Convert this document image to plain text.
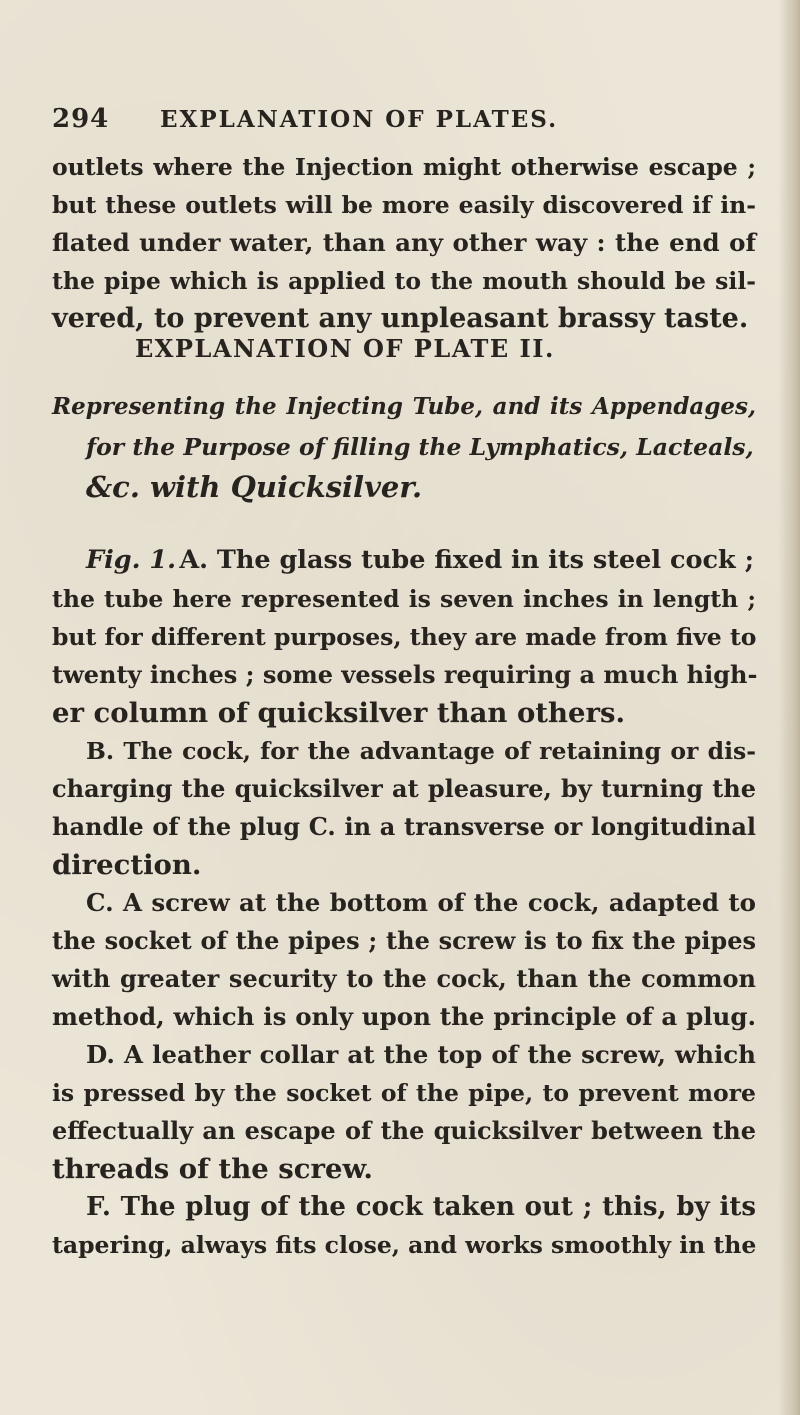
294 EXPLANATION OF PLATES.
outlets where the Injection might otherwise escape ;
but these outlets will be more easily discovered if in-
flated under water, than any other way : the end of
the pipe which is applied to the mouth should be sil-
vered, to prevent any unpleasant brassy taste.
EXPLANATION OF PLATE II.
Representing the Injecting Tube, and its Appendages,
for the Purpose of filling the Lymphatics, Lacteals,
&c. with Quicksilver.
Fig. 1. A. The glass tube fixed in its steel cock ;
the tube here represented is seven inches in length ;
but for different purposes, they are made from five to
twenty inches ; some vessels requiring a much high-
er column of quicksilver than others.
B. The cock, for the advantage of retaining or dis-
charging the quicksilver at pleasure, by turning the
handle of the plug C. in a transverse or longitudinal
direction.
C. A screw at the bottom of the cock, adapted to
the socket of the pipes ; the screw is to fix the pipes
with greater security to the cock, than the common
method, which is only upon the principle of a plug.
D. A leather collar at the top of the screw, which
is pressed by the socket of the pipe, to prevent more
effectually an escape of the quicksilver between the
threads of the screw.
F. The plug of the cock taken out ; this, by its
tapering, always fits close, and works smoothly in the
